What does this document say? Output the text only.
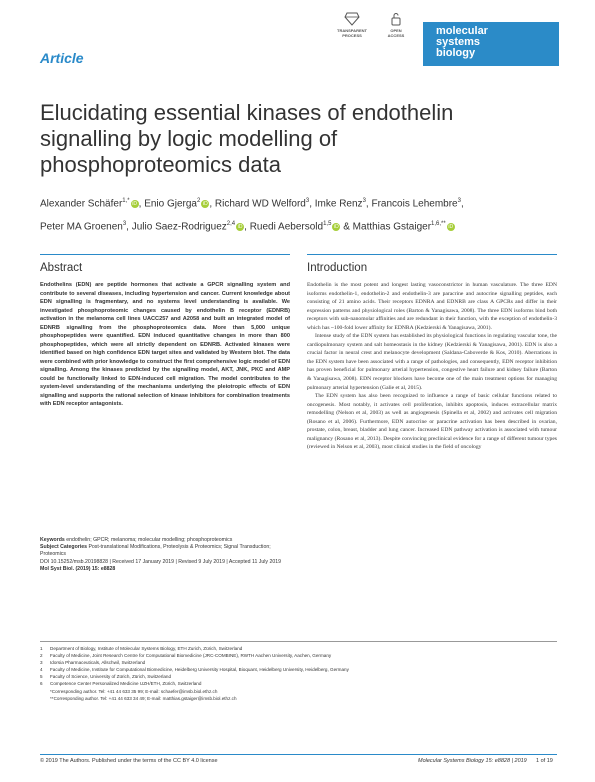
Article
TRANSPARENT
PROCESS
OPEN
ACCESS	molecular
systems
biology
Elucidating essential kinases of endothelin signalling by logic modelling of phosphoproteomics data
Alexander Schäfer$^{1,*}$ iD , Enio Gjerga$^2$ iD , Richard WD Welford$^3$, Imke Renz$^3$, Francois Lehembre$^3$,
Peter MA Groenen$^3$, Julio Saez-Rodriguez$^{2,4}$ iD , Ruedi Aebersold$^{1,5}$ iD & Matthias Gstaiger$^{1,6,**}$ iD
Abstract
Endothelins (EDN) are peptide hormones that activate a GPCR signalling system and contribute to several diseases, including hypertension and cancer. Current knowledge about EDN signalling is fragmentary, and no systems level understanding is available. We investigated phosphoproteomic changes caused by endothelin B receptor (EDNRB) activation in the melanoma cell lines UACC257 and A2058 and built an integrated model of EDNRB signalling from the phosphoproteomics data. More than 5,000 unique phosphopeptides were quantified. EDN induced quantitative changes in more than 800 phosphopeptides, which were all strictly dependent on EDNRB. Activated kinases were identified based on high confidence EDN target sites and validated by Western blot. The data were combined with prior knowledge to construct the first comprehensive logic model of EDN signalling. Among the kinases predicted by the signalling model, AKT, JNK, PKC and AMP could be functionally linked to EDN-induced cell migration. The model contributes to the system-level understanding of the mechanisms underlying the pleiotropic effects of EDN signalling and supports the rational selection of kinase inhibitors for combination treatments with EDN receptor antagonists.
Keywords endothelin; GPCR; melanoma; molecular modelling; phosphoproteomics
Subject Categories Post-translational Modifications, Proteolysis & Proteomics; Signal Transduction; Proteomics
DOI 10.15252/msb.20198828 | Received 17 January 2019 | Revised 9 July 2019 | Accepted 11 July 2019
Mol Syst Biol. (2019) 15: e8828
Introduction

Endothelin is the most potent and longest lasting vasoconstrictor in human vasculature. The three EDN isoforms endothelin-1, endothelin-2 and endothelin-3 are paracrine and autocrine signalling peptides, each consisting of 21 amino acids. Their receptors EDNRA and EDNRB are class A GPCRs and differ in their expression patterns and physiological roles (Barton & Yanagisawa, 2008). The three EDN isoforms bind both receptors with sub-nanomolar affinities and are redundant in their function, with the exception of endothelin-3 which has ~100-fold lower affinity for EDNRA (Kedzierski & Yanagisawa, 2001).

Intense study of the EDN system has established its physiological functions in regulating vascular tone, the cardiopulmonary system and salt homeostasis in the kidney (Kedzierski & Yanagisawa, 2001). EDN is also a crucial factor in neural crest and melanocyte development (Saldana-Caboverde & Kos, 2010). Aberrations in the EDN system have been associated with a range of pathologies, and consequently, EDN receptor inhibition has proven beneficial for pulmonary arterial hypertension, congestive heart failure and kidney failure (Barton & Yanagisawa, 2008). EDN receptor blockers have become one of the main treatment options for managing pulmonary arterial hypertension (Galie et al, 2015).

The EDN system has also been recognized to influence a range of basic cellular functions related to oncogenesis. Most notably, it activates cell proliferation, inhibits apoptosis, induces extracellular matrix remodelling (Nelson et al, 2003) as well as angiogenesis (Spinella et al, 2002) and activates cell migration (Rosano et al, 2006). Furthermore, EDN autocrine or paracrine activation has been described in ovarian, prostate, colon, breast, bladder and lung cancer. Increased EDN pathway activation is associated with tumour malignancy (Rosano et al, 2013). Despite convincing preclinical evidence for a range of different tumour types (reviewed in Nelson et al, 2003), most clinical studies in the field of oncology

1 Department of Biology, Institute of Molecular Systems Biology, ETH Zurich, Zürich, Switzerland
2 Faculty of Medicine, Joint Research Centre for Computational Biomedicine (JRC-COMBINE), RWTH Aachen University, Aachen, Germany
3 Idorsia Pharmaceuticals, Allschwil, Switzerland
4 Faculty of Medicine, Institute for Computational Biomedicine, Heidelberg University Hospital, Bioquant, Heidelberg University, Heidelberg, Germany
5 Faculty of Science, University of Zürich, Zürich, Switzerland
6 Competence Center Personalized Medicine UZH/ETH, Zürich, Switzerland
*Corresponding author. Tel: +41 44 633 35 99; E-mail: schaefer@imsb.biol.ethz.ch
**Corresponding author. Tel: +41 44 633 34 49; E-mail: matthias.gstaiger@imsb.biol.ethz.ch
© 2019 The Authors. Published under the terms of the CC BY 4.0 license	Molecular Systems Biology 15: e8828 | 2019 1 of 19
